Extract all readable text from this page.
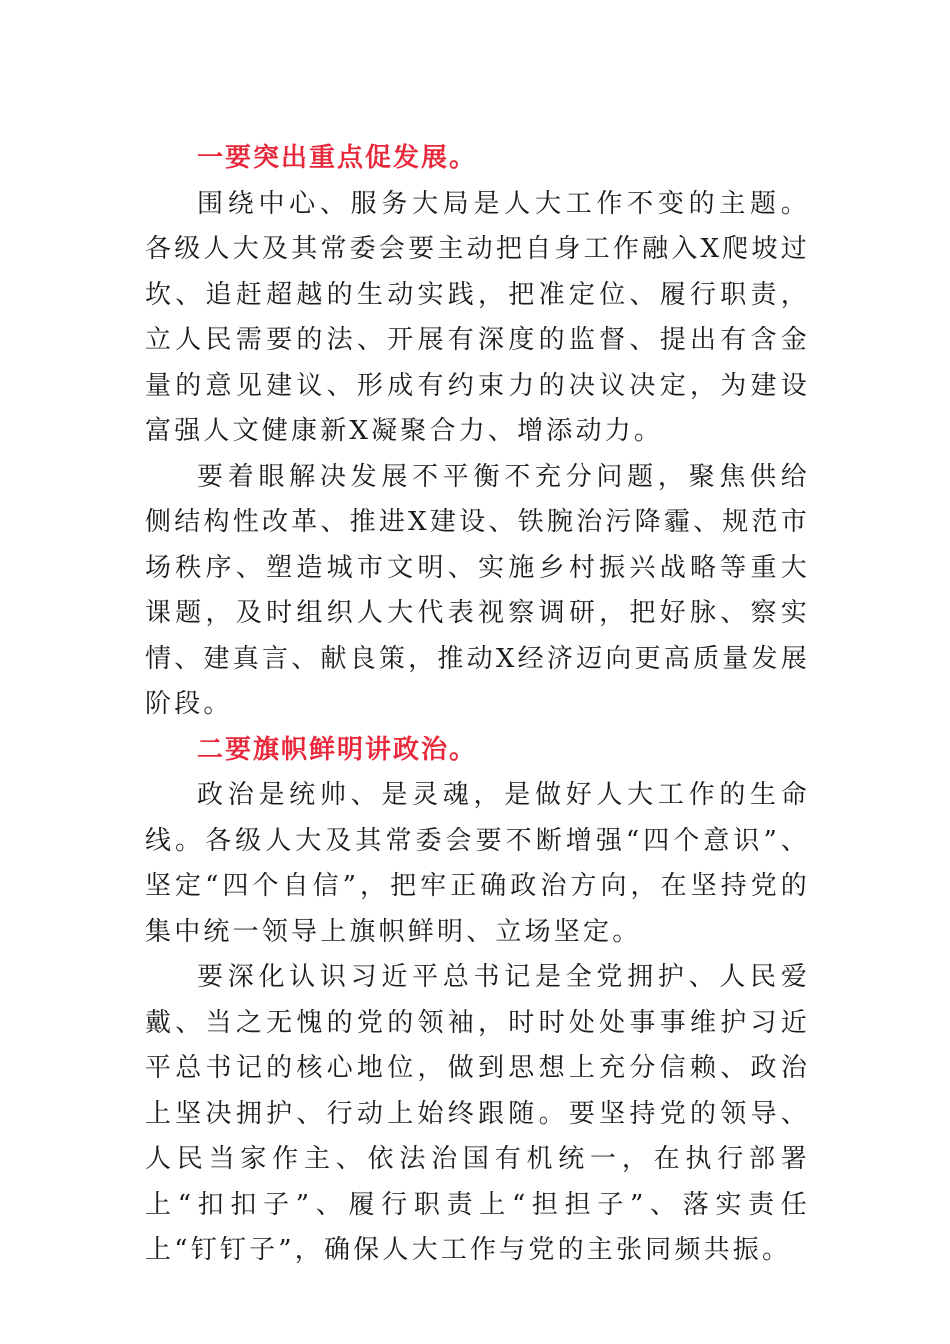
一要突出重点促发展。

围绕中心、服务大局是人大工作不变的主题。各级人大及其常委会要主动把自身工作融入X爬坡过坎、追赶超越的生动实践，把准定位、履行职责，立人民需要的法、开展有深度的监督、提出有含金量的意见建议、形成有约束力的决议决定，为建设富强人文健康新X凝聚合力、增添动力。

要着眼解决发展不平衡不充分问题，聚焦供给侧结构性改革、推进X建设、铁腕治污降霾、规范市场秩序、塑造城市文明、实施乡村振兴战略等重大课题，及时组织人大代表视察调研，把好脉、察实情、建真言、献良策，推动X经济迈向更高质量发展阶段。

二要旗帜鲜明讲政治。

政治是统帅、是灵魂，是做好人大工作的生命线。各级人大及其常委会要不断增强“四个意识”、坚定“四个自信”，把牢正确政治方向，在坚持党的集中统一领导上旗帜鲜明、立场坚定。

要深化认识习近平总书记是全党拥护、人民爱戴、当之无愧的党的领袖，时时处处事事维护习近平总书记的核心地位，做到思想上充分信赖、政治上坚决拥护、行动上始终跟随。要坚持党的领导、人民当家作主、依法治国有机统一，在执行部署上“扣扣子”、履行职责上“担担子”、落实责任上“钉钉子”，确保人大工作与党的主张同频共振。
